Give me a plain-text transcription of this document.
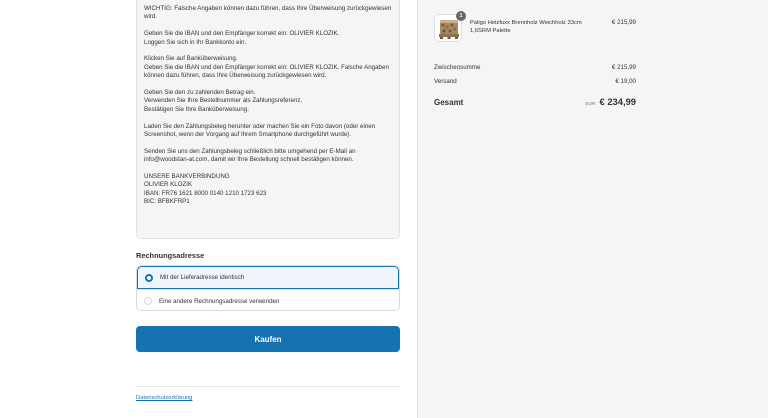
WICHTIG: Falsche Angaben können dazu führen, dass Ihre Überweisung zurückgewiesen
wird.

Geben Sie die IBAN und den Empfänger korrekt ein: OLIVIER KLOZIK.
Loggen Sie sich in Ihr Bankkonto ein.

Klicken Sie auf Banküberweisung.
Geben Sie die IBAN und den Empfänger korrekt ein: OLIVIER KLOZIK. Falsche Angaben
können dazu führen, dass Ihre Überweisung zurückgewiesen wird.

Geben Sie den zu zahlenden Betrag ein.
Verwenden Sie Ihre Bestellnummer als Zahlungsreferenz.
Bestätigen Sie Ihre Banküberweisung.

Laden Sie den Zahlungsbeleg herunter oder machen Sie ein Foto davon (oder einen
Screenshot, wenn der Vorgang auf Ihrem Smartphone durchgeführt wurde).

Senden Sie uns den Zahlungsbeleg schließlich bitte umgehend per E-Mail an
info@woodstan-at.com, damit wir Ihre Bestellung schnell bestätigen können.

UNSERE BANKVERBINDUNG
OLIVIER KLOZIK
IBAN: FR76 1621 8000 0140 1210 1723 623
BIC: BFBKFRP1

Rechnungsadresse
Mit der Lieferadresse identisch
Eine andere Rechnungsadresse verwenden
Kaufen
Datenschutzerklärung
1
Paligo Heizfuxx Brennholz Weichholz 33cm
1,6SRM Palette
€ 215,99
Zwischensumme	€ 215,99
Versand	€ 19,00
Gesamt	EUR € 234,99
